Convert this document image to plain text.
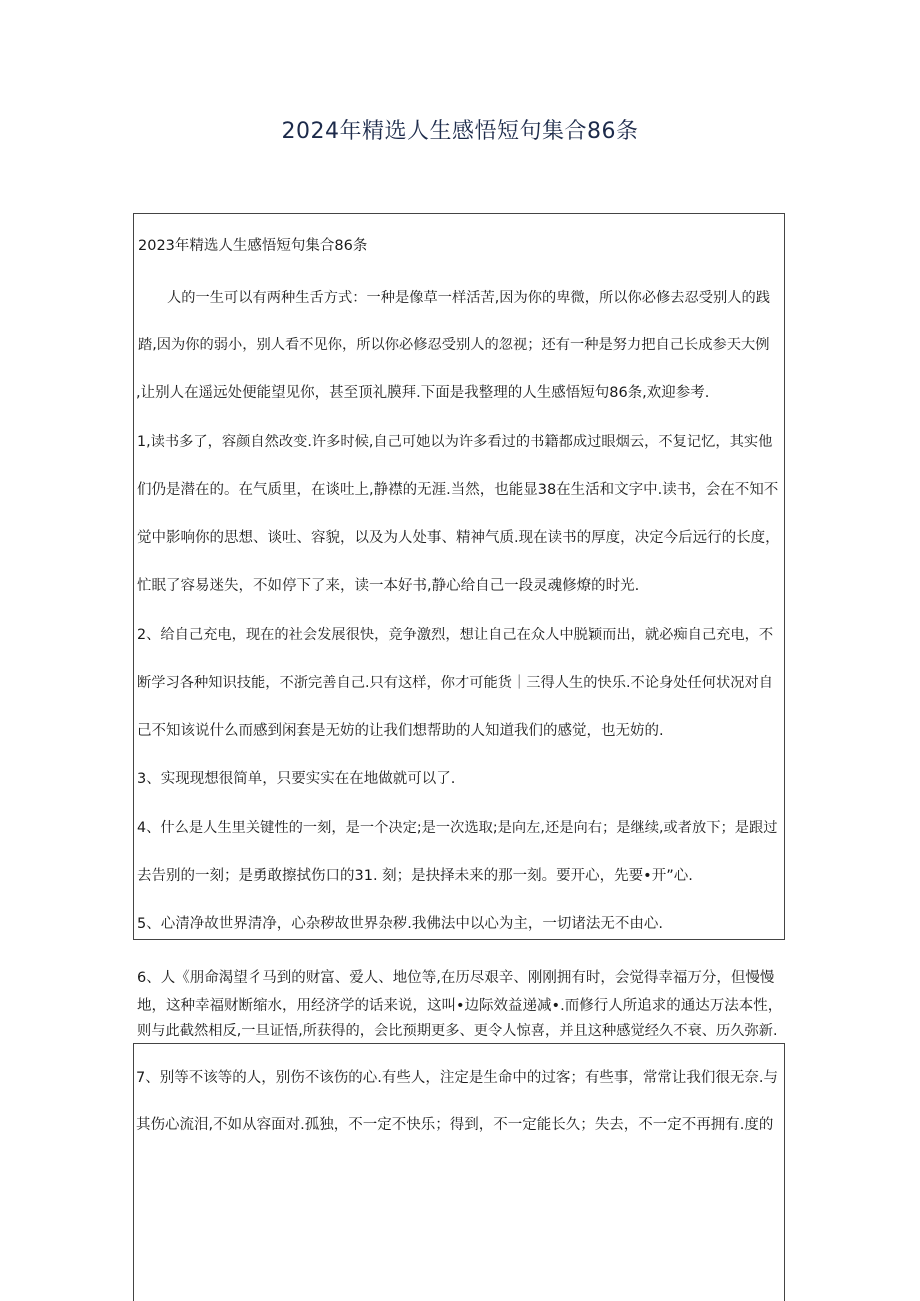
2024年精选人生感悟短句集合86条
2023年精选人生感悟短句集合86条
人的一生可以有两种生舌方式：一种是像草一样活苦,因为你的卑微，所以你必修去忍受别人的践
踏,因为你的弱小，别人看不见你，所以你必修忍受别人的忽视；还有一种是努力把自己长成参天大例
,让别人在遥远处便能望见你，甚至顶礼膜拜.下面是我整理的人生感悟短句86条,欢迎参考.
1,读书多了，容颜自然改变.许多时候,自己可她以为许多看过的书籍都成过眼烟云，不复记忆，其实他
们仍是潜在的。在气质里，在谈吐上,静襟的无涯.当然，也能显38在生活和文字中.读书，会在不知不
觉中影响你的思想、谈吐、容貌，以及为人处事、精神气质.现在读书的厚度，决定今后远行的长度，
忙眠了容易迷失，不如停下了来，读一本好书,静心给自己一段灵魂修燎的时光.
2、给自己充电，现在的社会发展很快，竞争激烈，想让自己在众人中脱颖而出，就必痴自己充电，不
断学习各种知识技能，不浙完善自己.只有这样，你才可能货｜三得人生的快乐.不论身处任何状况对自
己不知该说什么而感到闲套是无妨的让我们想帮助的人知道我们的感觉，也无妨的.
3、实现现想很简单，只要实实在在地做就可以了.
4、什么是人生里关键性的一刻，是一个决定;是一次选取;是向左,还是向右；是继续,或者放下；是跟过
去告别的一刻；是勇敢擦拭伤口的31. 刻；是抉择未来的那一刻。要开心，先要•开”心.
5、心清净故世界清净，心杂秽故世界杂秽.我佛法中以心为主，一切诸法无不由心.
6、人《朋命渴望彳马到的财富、爱人、地位等,在历尽艰辛、刚刚拥有时，会觉得幸福万分，但慢慢
地，这种幸福财断缩水，用经济学的话来说，这叫•边际效益递减•.而修行人所追求的通达万法本性，
则与此截然相反,一旦证悟,所获得的，会比预期更多、更令人惊喜，并且这种感觉经久不衰、历久弥新.
7、别等不该等的人，别伤不该伤的心.有些人，注定是生命中的过客；有些事，常常让我们很无奈.与
其伤心流泪,不如从容面对.孤独，不一定不快乐；得到，不一定能长久；失去，不一定不再拥有.度的
